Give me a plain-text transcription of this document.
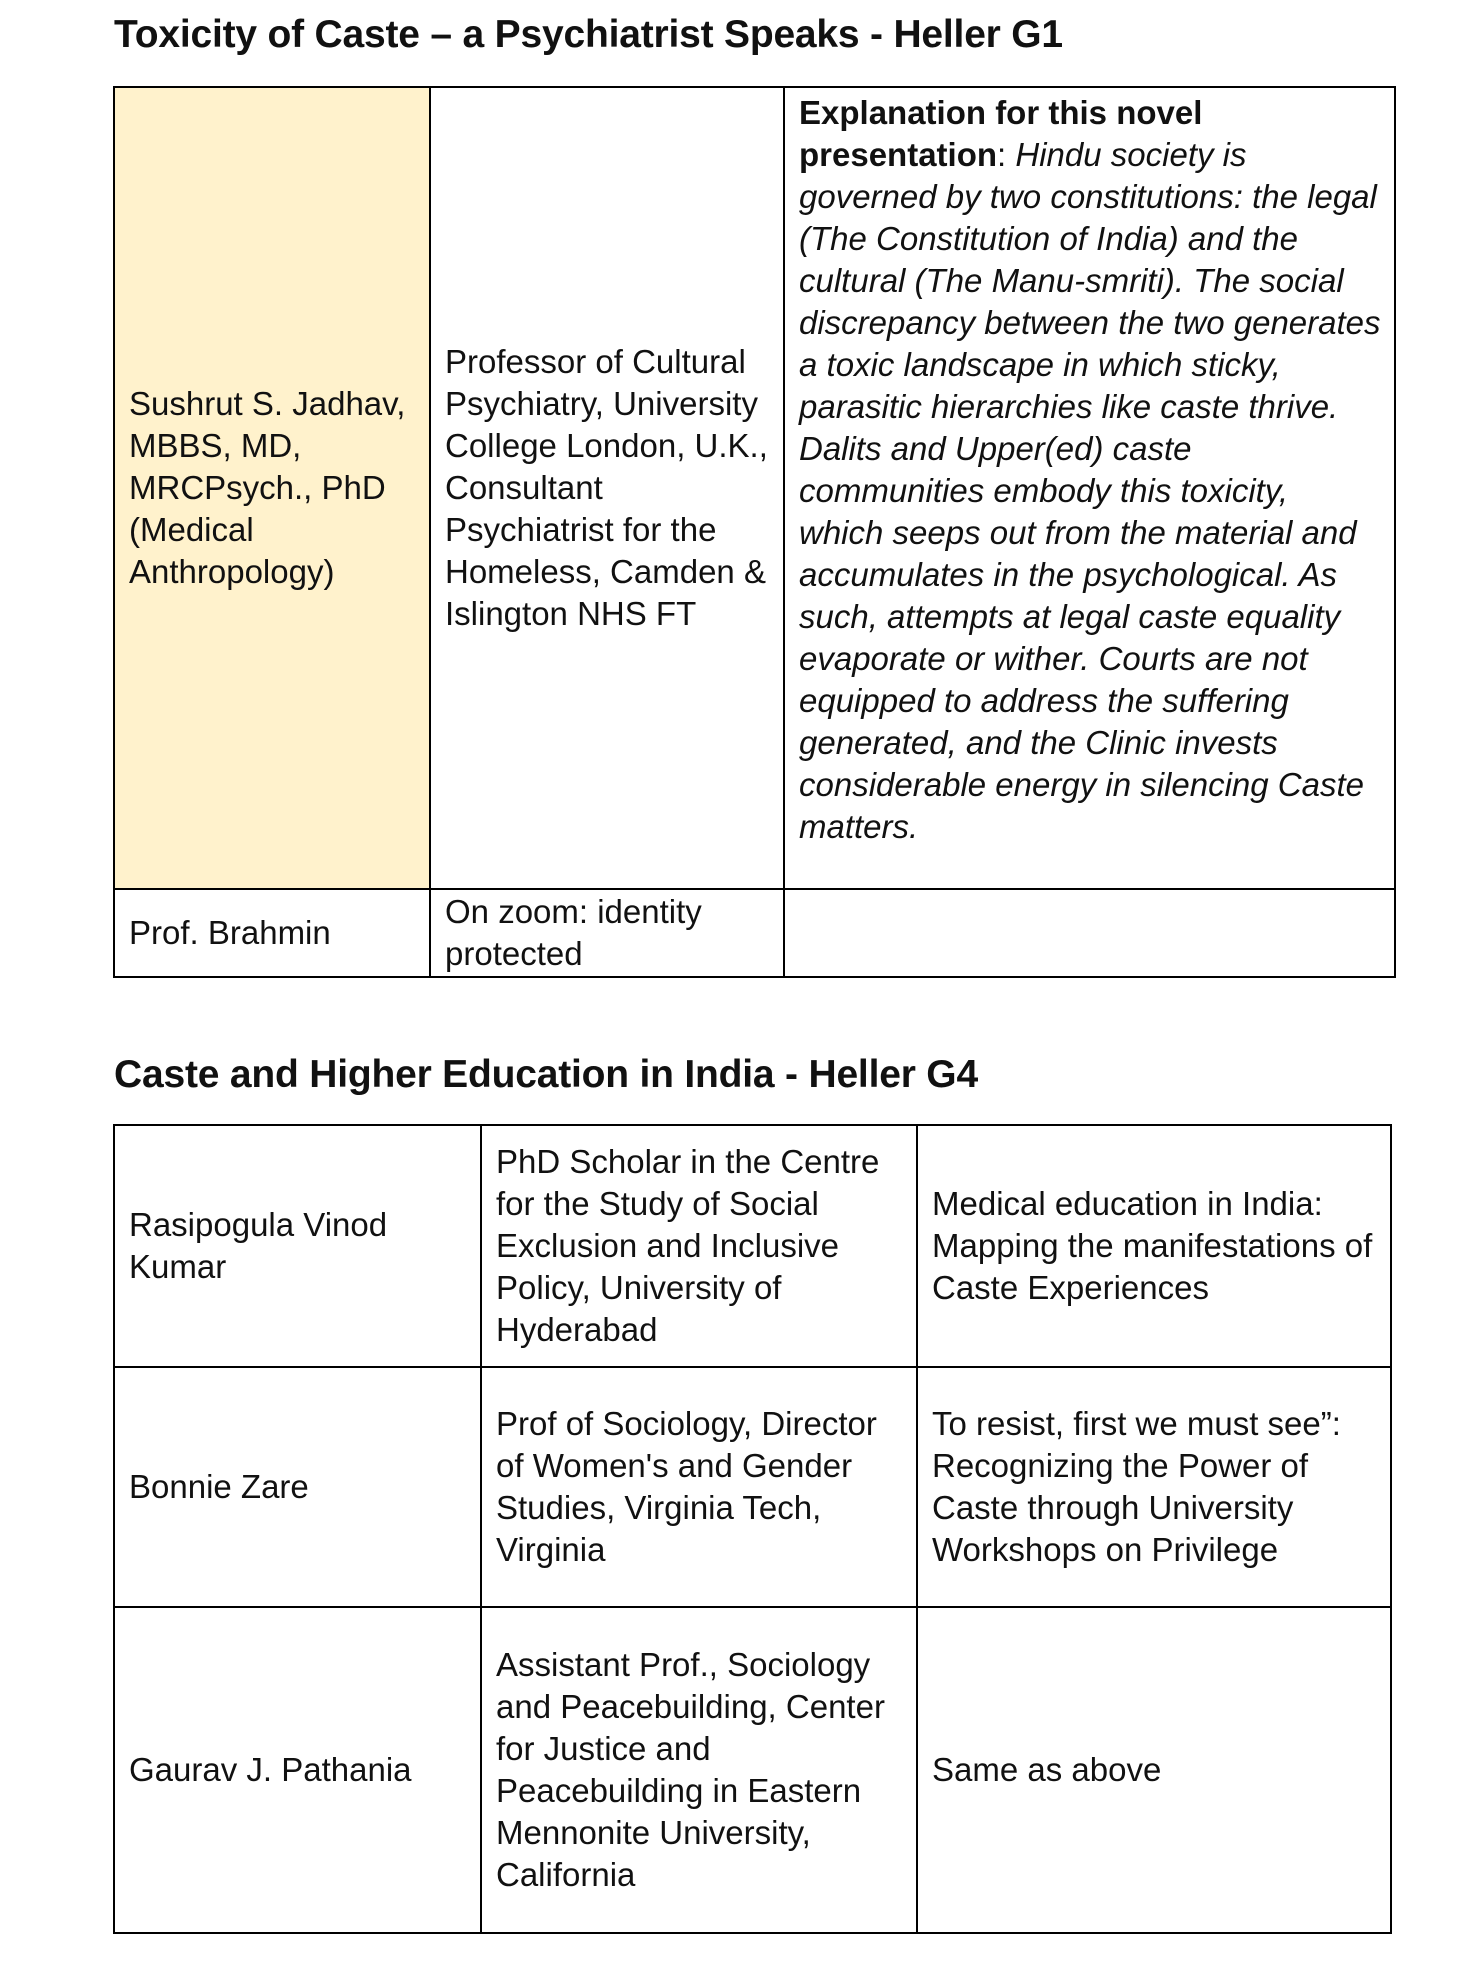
Toxicity of Caste – a Psychiatrist Speaks - Heller G1
Sushrut S. Jadhav, MBBS, MD, MRCPsych., PhD (Medical Anthropology)	Professor of Cultural Psychiatry, University College London, U.K., Consultant Psychiatrist for the Homeless, Camden & Islington NHS FT	Explanation for this novel presentation: Hindu society is governed by two constitutions: the legal (The Constitution of India) and the cultural (The Manu-smriti). The social discrepancy between the two generates a toxic landscape in which sticky, parasitic hierarchies like caste thrive. Dalits and Upper(ed) caste communities embody this toxicity, which seeps out from the material and accumulates in the psychological. As such, attempts at legal caste equality evaporate or wither. Courts are not equipped to address the suffering generated, and the Clinic invests considerable energy in silencing Caste matters.
Prof. Brahmin	On zoom: identity protected	
Caste and Higher Education in India - Heller G4
Rasipogula Vinod Kumar	PhD Scholar in the Centre for the Study of Social Exclusion and Inclusive Policy, University of Hyderabad	Medical education in India: Mapping the manifestations of Caste Experiences
Bonnie Zare	Prof of Sociology, Director of Women's and Gender Studies, Virginia Tech, Virginia	To resist, first we must see”: Recognizing the Power of Caste through University Workshops on Privilege
Gaurav J. Pathania	Assistant Prof., Sociology and Peacebuilding, Center for Justice and Peacebuilding in Eastern Mennonite University, California	Same as above
